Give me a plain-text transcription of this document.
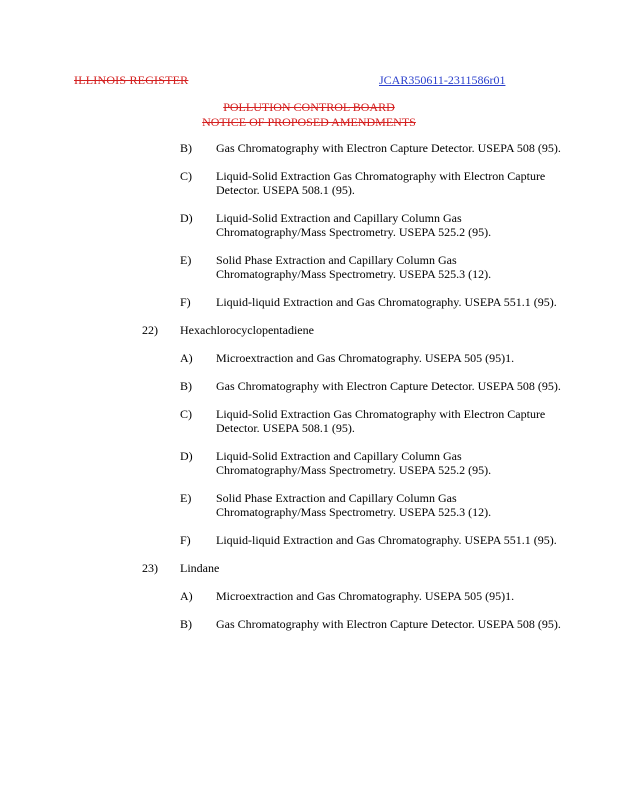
ILLINOIS REGISTER	JCAR350611-2311586r01
POLLUTION CONTROL BOARD
NOTICE OF PROPOSED AMENDMENTS
B)	Gas Chromatography with Electron Capture Detector. USEPA 508 (95).
C)	Liquid-Solid Extraction Gas Chromatography with Electron Capture Detector. USEPA 508.1 (95).
D)	Liquid-Solid Extraction and Capillary Column Gas Chromatography/Mass Spectrometry. USEPA 525.2 (95).
E)	Solid Phase Extraction and Capillary Column Gas Chromatography/Mass Spectrometry. USEPA 525.3 (12).
F)	Liquid-liquid Extraction and Gas Chromatography. USEPA 551.1 (95).
22)	Hexachlorocyclopentadiene
A)	Microextraction and Gas Chromatography. USEPA 505 (95)1.
B)	Gas Chromatography with Electron Capture Detector. USEPA 508 (95).
C)	Liquid-Solid Extraction Gas Chromatography with Electron Capture Detector. USEPA 508.1 (95).
D)	Liquid-Solid Extraction and Capillary Column Gas Chromatography/Mass Spectrometry. USEPA 525.2 (95).
E)	Solid Phase Extraction and Capillary Column Gas Chromatography/Mass Spectrometry. USEPA 525.3 (12).
F)	Liquid-liquid Extraction and Gas Chromatography. USEPA 551.1 (95).
23)	Lindane
A)	Microextraction and Gas Chromatography. USEPA 505 (95)1.
B)	Gas Chromatography with Electron Capture Detector. USEPA 508 (95).
